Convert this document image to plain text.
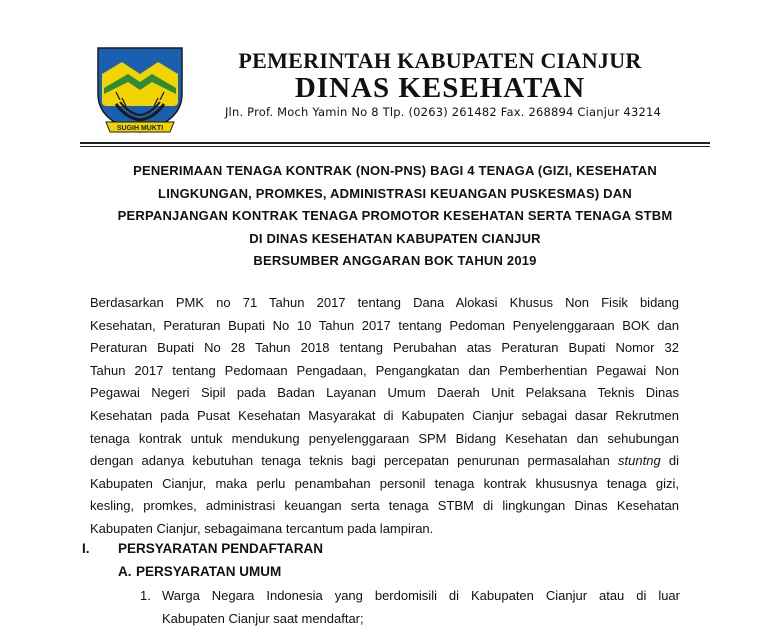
SUGIH MUKTI
PEMERINTAH KABUPATEN CIANJUR
DINAS KESEHATAN
Jln. Prof. Moch Yamin No 8 Tlp. (0263) 261482 Fax. 268894 Cianjur 43214
PENERIMAAN TENAGA KONTRAK (NON-PNS) BAGI 4 TENAGA (GIZI, KESEHATAN
LINGKUNGAN, PROMKES, ADMINISTRASI KEUANGAN PUSKESMAS) DAN
PERPANJANGAN KONTRAK TENAGA PROMOTOR KESEHATAN SERTA TENAGA STBM
DI DINAS KESEHATAN KABUPATEN CIANJUR
BERSUMBER ANGGARAN BOK TAHUN 2019
Berdasarkan PMK no 71 Tahun 2017 tentang Dana Alokasi Khusus Non Fisik bidang
Kesehatan, Peraturan Bupati No 10 Tahun 2017 tentang Pedoman Penyelenggaraan BOK dan
Peraturan Bupati No 28 Tahun 2018 tentang Perubahan atas Peraturan Bupati Nomor 32
Tahun 2017 tentang Pedomaan Pengadaan, Pengangkatan dan Pemberhentian Pegawai Non
Pegawai Negeri Sipil pada Badan Layanan Umum Daerah Unit Pelaksana Teknis Dinas
Kesehatan pada Pusat Kesehatan Masyarakat di Kabupaten Cianjur sebagai dasar Rekrutmen
tenaga kontrak untuk mendukung penyelenggaraan SPM Bidang Kesehatan dan sehubungan
dengan adanya kebutuhan tenaga teknis bagi percepatan penurunan permasalahan stuntng di
Kabupaten Cianjur, maka perlu penambahan personil tenaga kontrak khususnya tenaga gizi,
kesling, promkes, administrasi keuangan serta tenaga STBM di lingkungan Dinas Kesehatan
Kabupaten Cianjur, sebagaimana tercantum pada lampiran.
I. PERSYARATAN PENDAFTARAN
A. PERSYARATAN UMUM
1. Warga Negara Indonesia yang berdomisili di Kabupaten Cianjur atau di luar
Kabupaten Cianjur saat mendaftar;
